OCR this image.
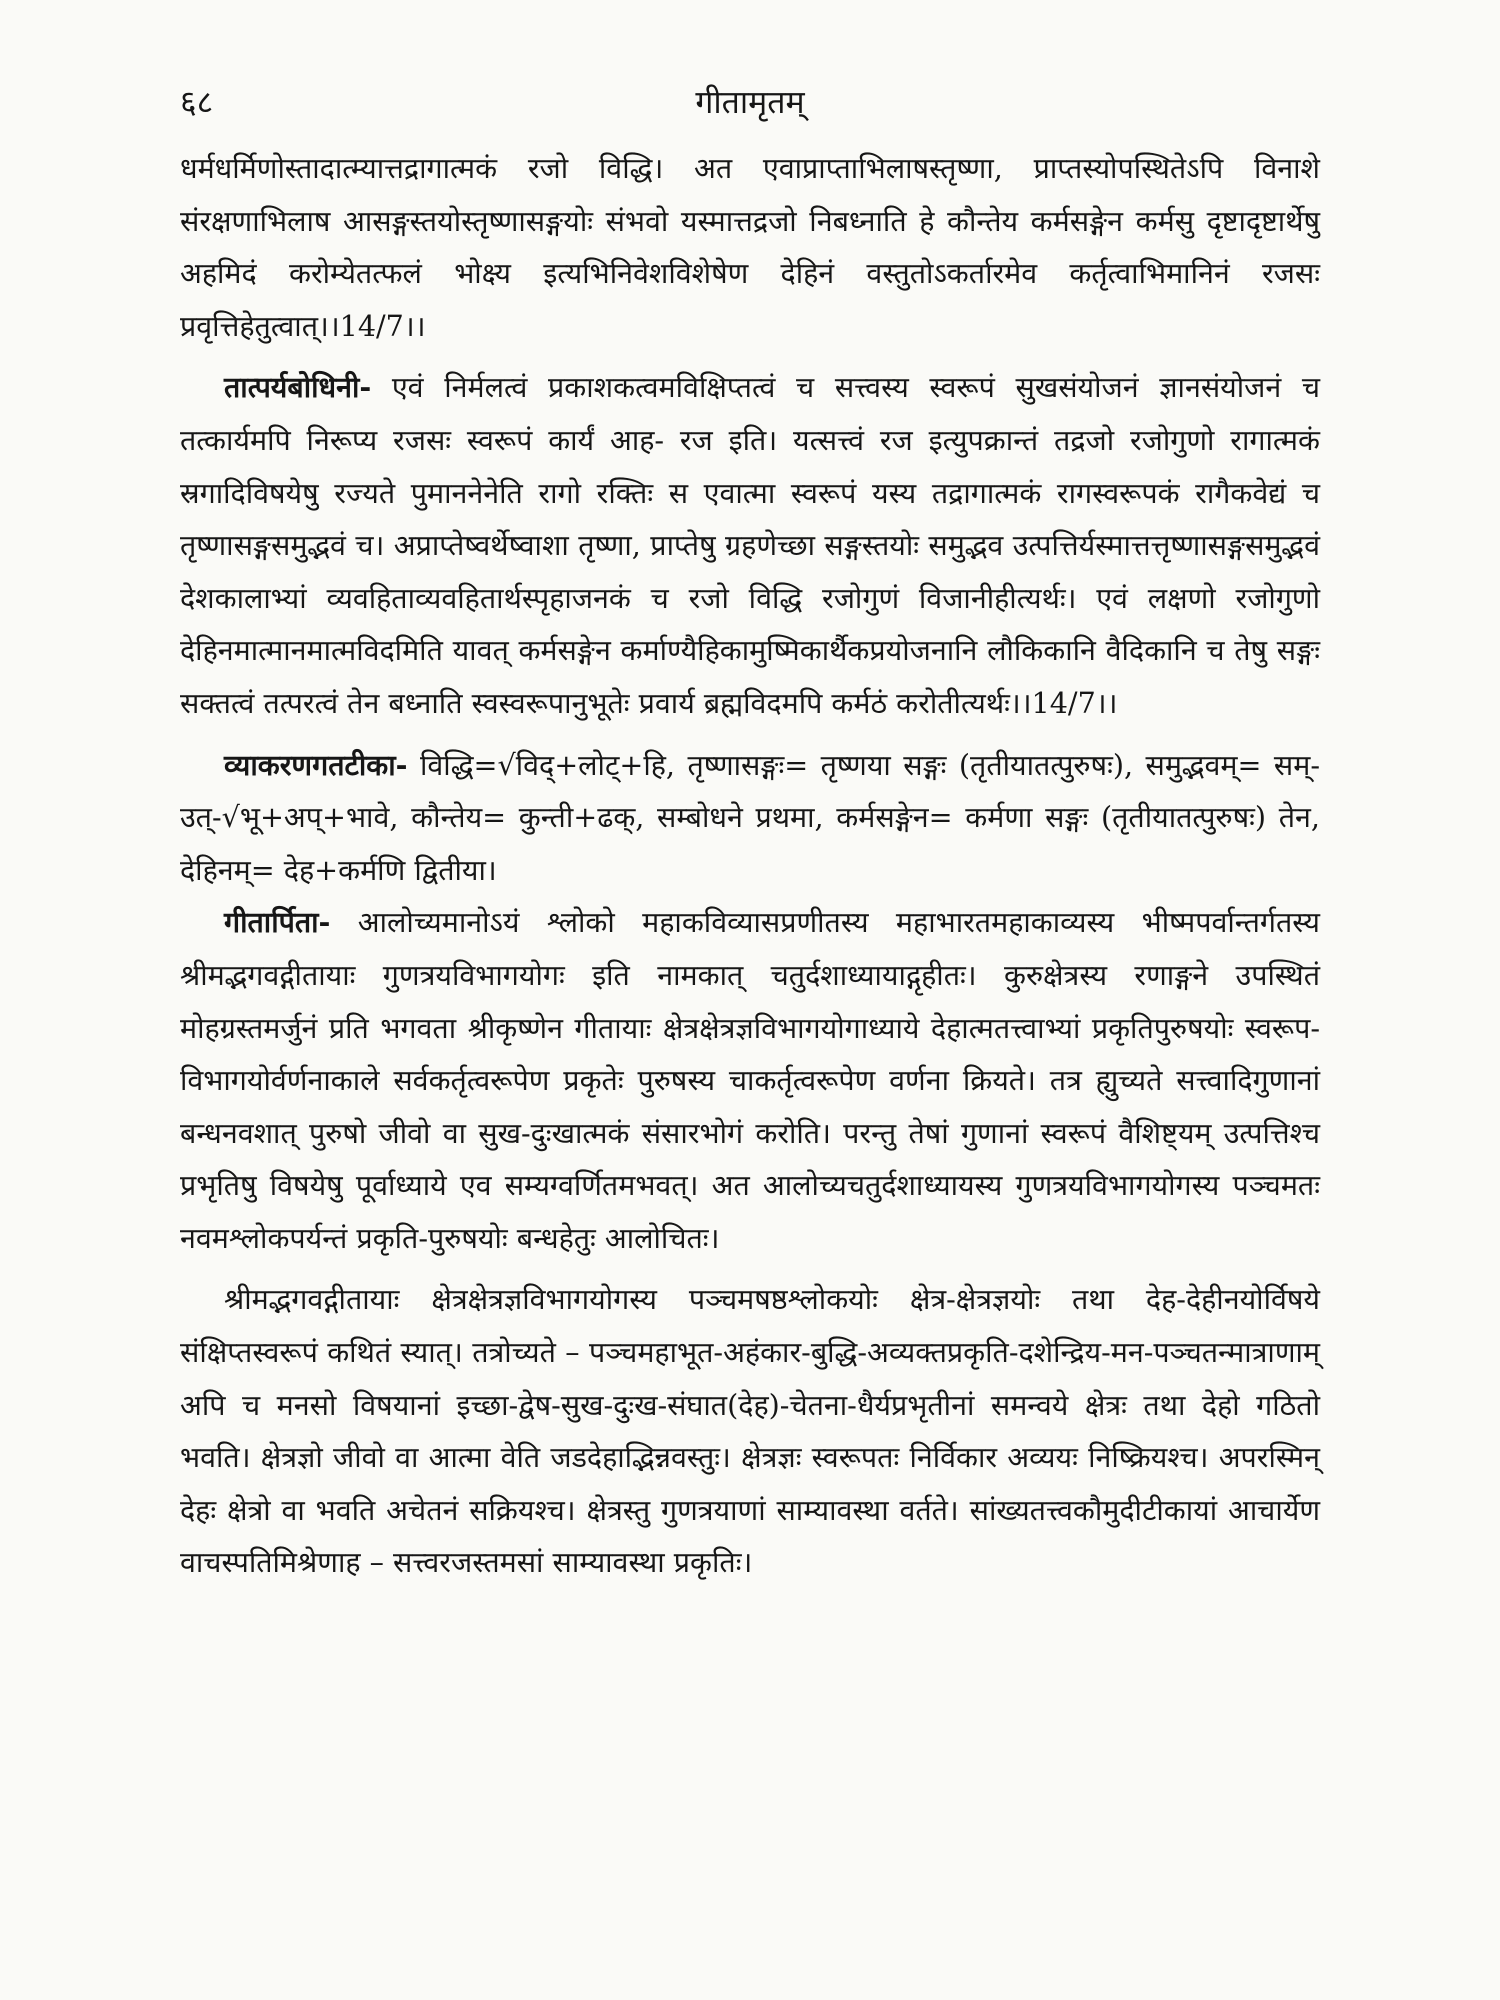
६८	गीतामृतम्

धर्मधर्मिणोस्तादात्म्यात्तद्रागात्मकं रजो विद्धि। अत एवाप्राप्ताभिलाषस्तृष्णा, प्राप्तस्योपस्थितेऽपि विनाशे संरक्षणाभिलाष आसङ्गस्तयोस्तृष्णासङ्गयोः संभवो यस्मात्तद्रजो निबध्नाति हे कौन्तेय कर्मसङ्गेन कर्मसु दृष्टादृष्टार्थेषु अहमिदं करोम्येतत्फलं भोक्ष्य इत्यभिनिवेशविशेषेण देहिनं वस्तुतोऽकर्तारमेव कर्तृत्वाभिमानिनं रजसः प्रवृत्तिहेतुत्वात्।।14/7।।

तात्पर्यबोधिनी- एवं निर्मलत्वं प्रकाशकत्वमविक्षिप्तत्वं च सत्त्वस्य स्वरूपं सुखसंयोजनं ज्ञानसंयोजनं च तत्कार्यमपि निरूप्य रजसः स्वरूपं कार्यं आह- रज इति। यत्सत्त्वं रज इत्युपक्रान्तं तद्रजो रजोगुणो रागात्मकं स्रगादिविषयेषु रज्यते पुमाननेनेति रागो रक्तिः स एवात्मा स्वरूपं यस्य तद्रागात्मकं रागस्वरूपकं रागैकवेद्यं च तृष्णासङ्गसमुद्भवं च। अप्राप्तेष्वर्थेष्वाशा तृष्णा, प्राप्तेषु ग्रहणेच्छा सङ्गस्तयोः समुद्भव उत्पत्तिर्यस्मात्तत्तृष्णासङ्गसमुद्भवं देशकालाभ्यां व्यवहिताव्यवहितार्थस्पृहाजनकं च रजो विद्धि रजोगुणं विजानीहीत्यर्थः। एवं लक्षणो रजोगुणो देहिनमात्मानमात्मविदमिति यावत् कर्मसङ्गेन कर्माण्यैहिकामुष्मिकार्थैकप्रयोजनानि लौकिकानि वैदिकानि च तेषु सङ्गः सक्तत्वं तत्परत्वं तेन बध्नाति स्वस्वरूपानुभूतेः प्रवार्य ब्रह्मविदमपि कर्मठं करोतीत्यर्थः।।14/7।।

व्याकरणगतटीका- विद्धि=√विद्+लोट्+हि, तृष्णासङ्गः= तृष्णया सङ्गः (तृतीयातत्पुरुषः), समुद्भवम्= सम्-उत्-√भू+अप्+भावे, कौन्तेय= कुन्ती+ढक्, सम्बोधने प्रथमा, कर्मसङ्गेन= कर्मणा सङ्गः (तृतीयातत्पुरुषः) तेन, देहिनम्= देह+कर्मणि द्वितीया।

गीतार्पिता- आलोच्यमानोऽयं श्लोको महाकविव्यासप्रणीतस्य महाभारतमहाकाव्यस्य भीष्मपर्वान्तर्गतस्य श्रीमद्भगवद्गीतायाः गुणत्रयविभागयोगः इति नामकात् चतुर्दशाध्यायाद्गृहीतः। कुरुक्षेत्रस्य रणाङ्गने उपस्थितं मोहग्रस्तमर्जुनं प्रति भगवता श्रीकृष्णेन गीतायाः क्षेत्रक्षेत्रज्ञविभागयोगाध्याये देहात्मतत्त्वाभ्यां प्रकृतिपुरुषयोः स्वरूप-विभागयोर्वर्णनाकाले सर्वकर्तृत्वरूपेण प्रकृतेः पुरुषस्य चाकर्तृत्वरूपेण वर्णना क्रियते। तत्र ह्युच्यते सत्त्वादिगुणानां बन्धनवशात् पुरुषो जीवो वा सुख-दुःखात्मकं संसारभोगं करोति। परन्तु तेषां गुणानां स्वरूपं वैशिष्ट्यम् उत्पत्तिश्च प्रभृतिषु विषयेषु पूर्वाध्याये एव सम्यग्वर्णितमभवत्। अत आलोच्यचतुर्दशाध्यायस्य गुणत्रयविभागयोगस्य पञ्चमतः नवमश्लोकपर्यन्तं प्रकृति-पुरुषयोः बन्धहेतुः आलोचितः।

श्रीमद्भगवद्गीतायाः क्षेत्रक्षेत्रज्ञविभागयोगस्य पञ्चमषष्ठश्लोकयोः क्षेत्र-क्षेत्रज्ञयोः तथा देह-देहीनयोर्विषये संक्षिप्तस्वरूपं कथितं स्यात्। तत्रोच्यते – पञ्चमहाभूत-अहंकार-बुद्धि-अव्यक्तप्रकृति-दशेन्द्रिय-मन-पञ्चतन्मात्राणाम् अपि च मनसो विषयानां इच्छा-द्वेष-सुख-दुःख-संघात(देह)-चेतना-धैर्यप्रभृतीनां समन्वये क्षेत्रः तथा देहो गठितो भवति। क्षेत्रज्ञो जीवो वा आत्मा वेति जडदेहाद्भिन्नवस्तुः। क्षेत्रज्ञः स्वरूपतः निर्विकार अव्ययः निष्क्रियश्च। अपरस्मिन् देहः क्षेत्रो वा भवति अचेतनं सक्रियश्च। क्षेत्रस्तु गुणत्रयाणां साम्यावस्था वर्तते। सांख्यतत्त्वकौमुदीटीकायां आचार्येण वाचस्पतिमिश्रेणाह – सत्त्वरजस्तमसां साम्यावस्था प्रकृतिः।
